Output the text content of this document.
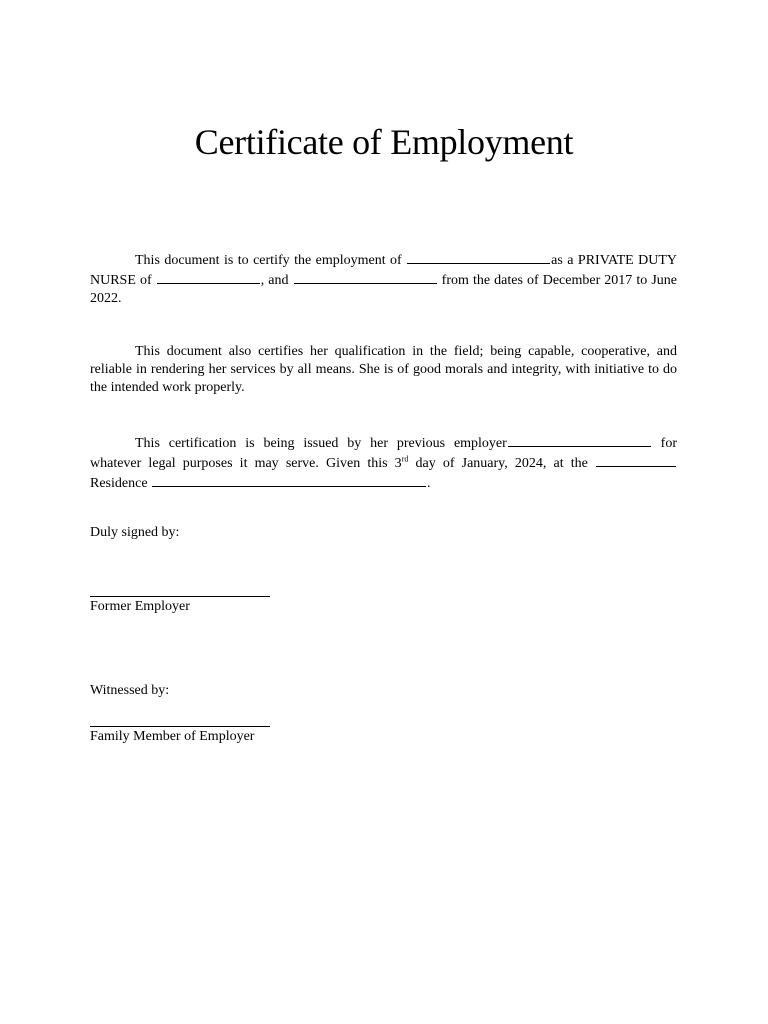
Certificate of Employment

This document is to certify the employment of	as a PRIVATE DUTY NURSE of	, and	from the dates of December 2017 to June 2022.

This document also certifies her qualification in the field; being capable, cooperative, and reliable in rendering her services by all means. She is of good morals and integrity, with initiative to do the intended work properly.

This certification is being issued by her previous employer	for whatever legal purposes it may serve. Given this 3rd day of January, 2024, at the  Residence	.

Duly signed by:

Former Employer

Witnessed by:

Family Member of Employer
